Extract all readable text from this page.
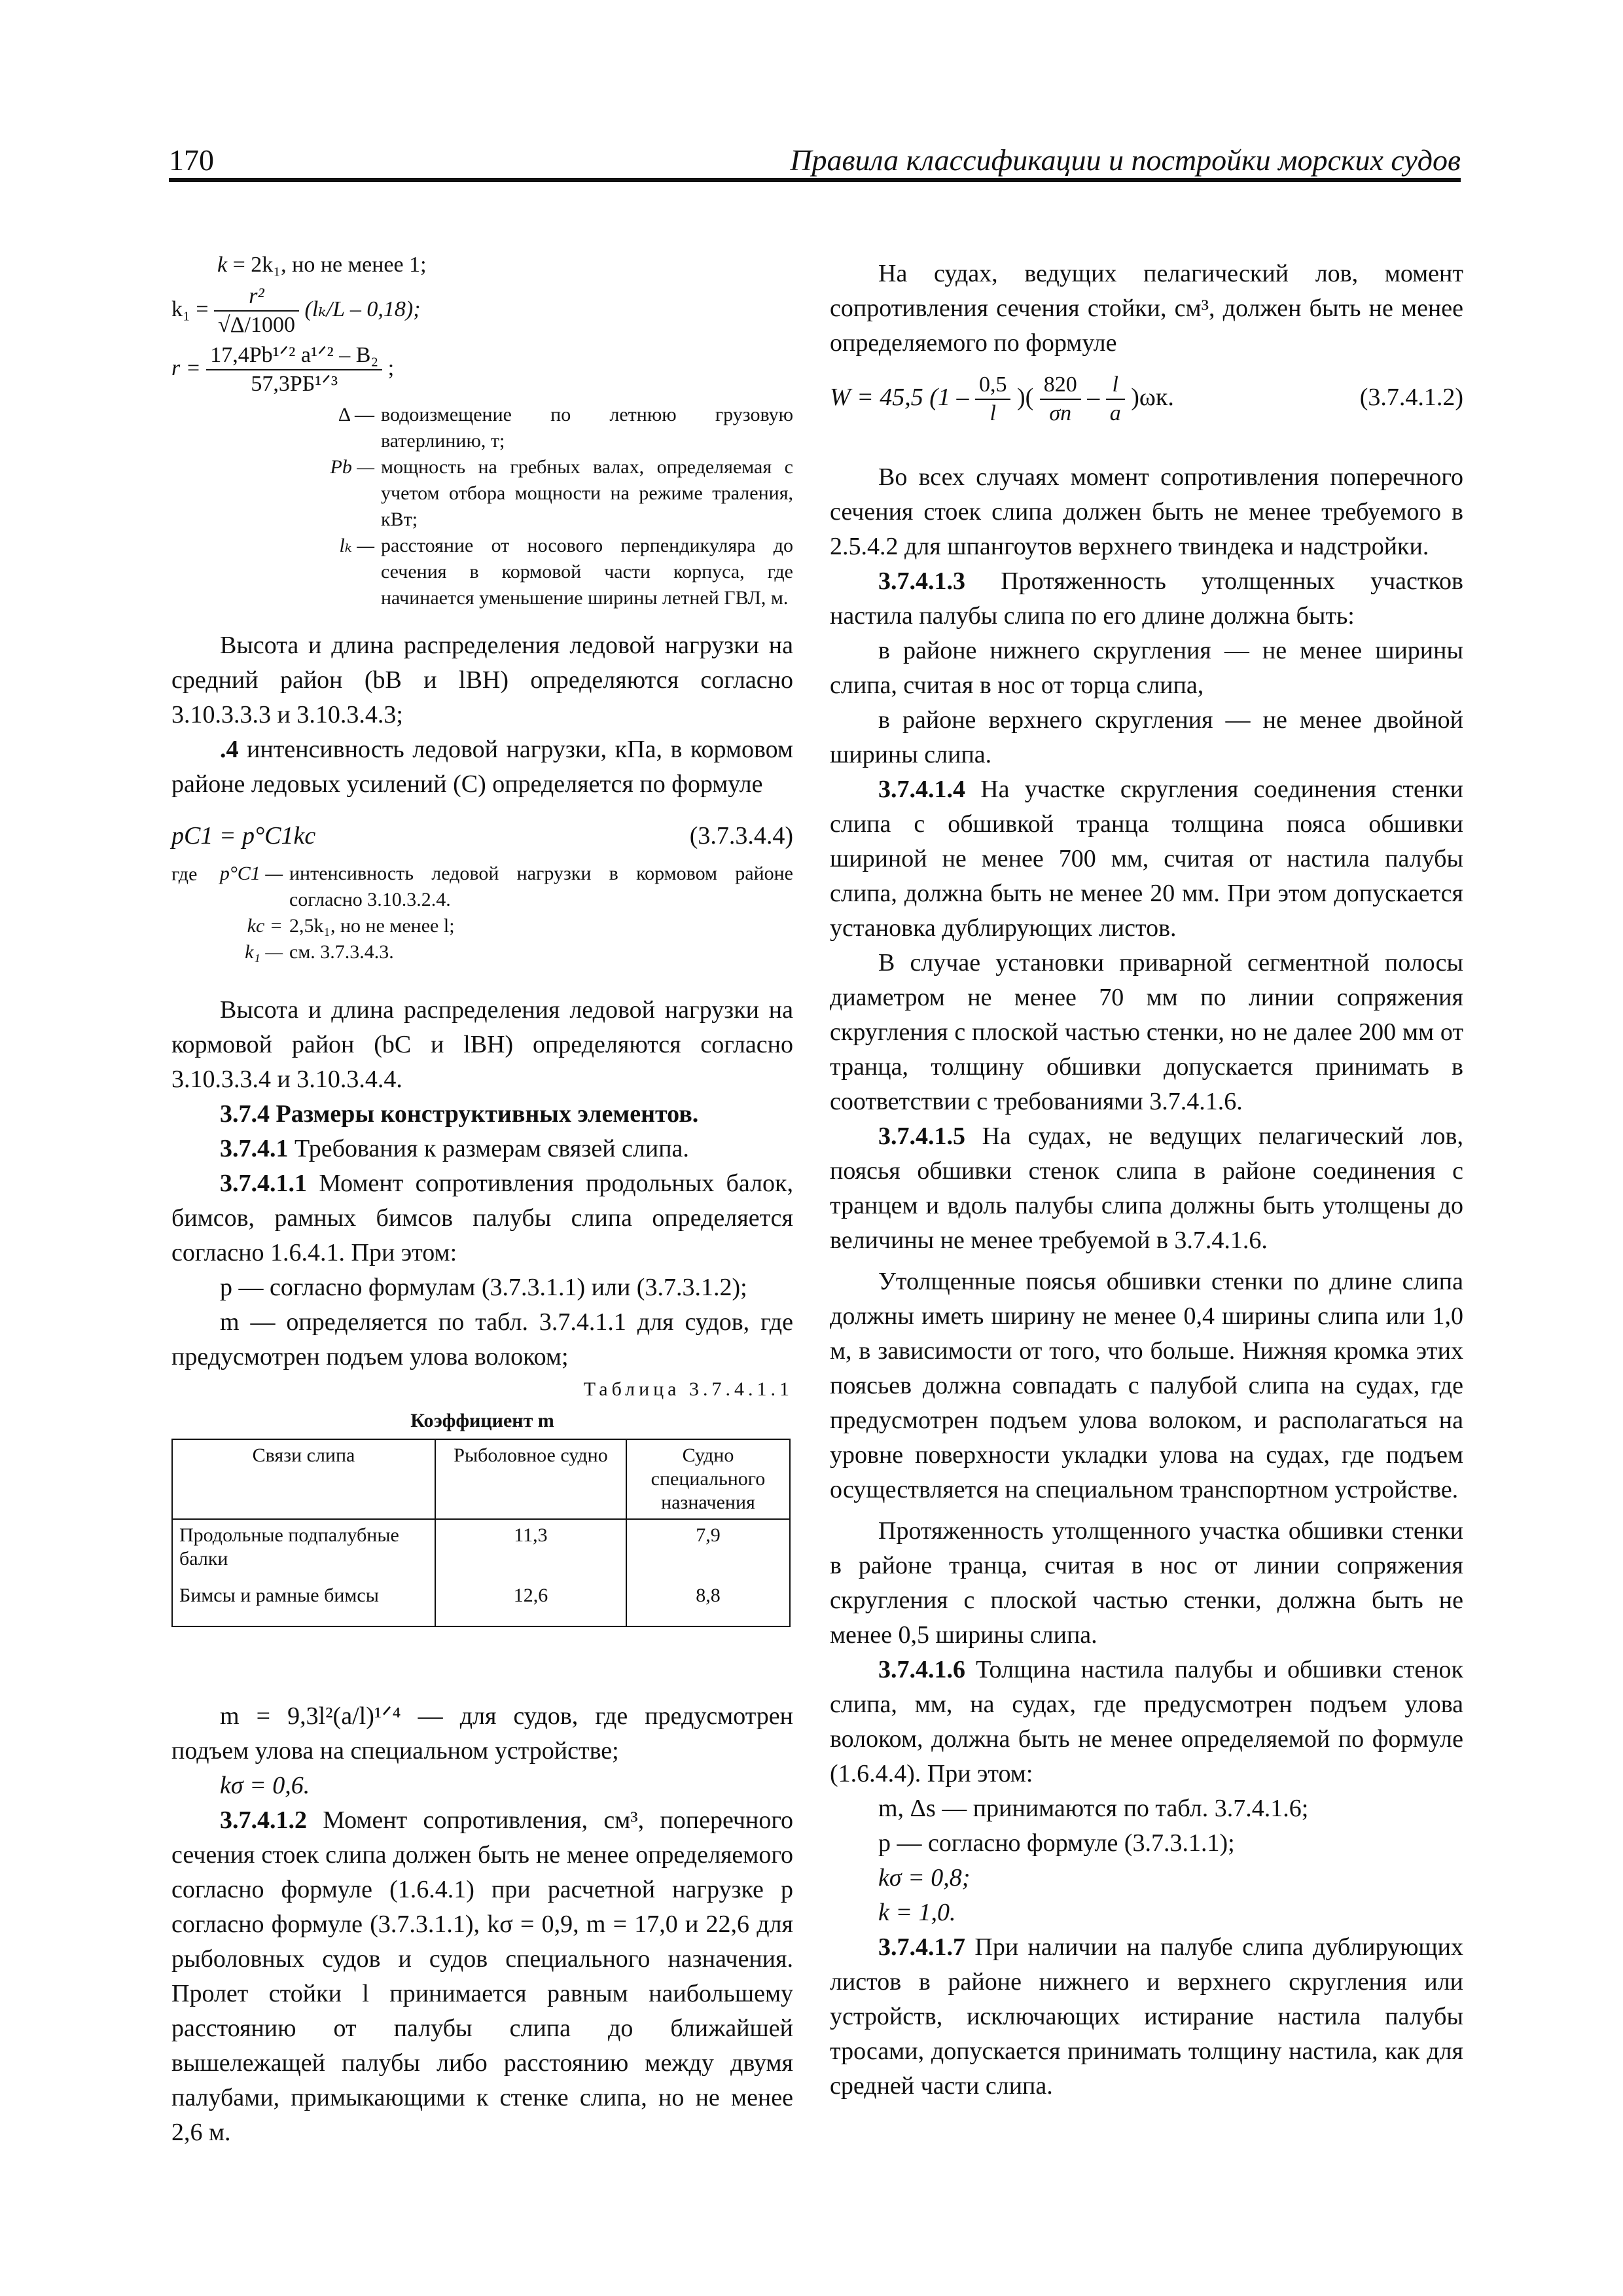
170	Правила классификации и постройки морских судов
k = 2k₁, но не менее 1;
$k_1 = \frac{\text{r²}}{√\Delta/1000} (l_k/L - 0,18)$;
$r = \frac{\text{17,4Pb¹ᐟ² a¹ᐟ² – B₂}}{\text{57,3PБ¹ᐟ³}}$ ;
Δ — водоизмещение по летнюю грузовую ватерлинию, т;
Pb — мощность на гребных валах, определяемая с учетом отбора мощности на режиме траления, кВт;
lₖ — расстояние от носового перпендикуляра до сечения в кормовой части корпуса, где начинается уменьшение ширины летней ГВЛ, м.

Высота и длина распределения ледовой нагрузки на средний район (bВ и lВН) определяются согласно 3.10.3.3.3 и 3.10.3.4.3;

.4 интенсивность ледовой нагрузки, кПа, в кормовом районе ледовых усилений (С) определяется по формуле

pC1 = p°C1kc	(3.7.3.4.4)
где	p°C1 — интенсивность ледовой нагрузки в кормовом районе согласно 3.10.3.2.4.
kc = 2,5k₁, но не менее l;
k₁ — см. 3.7.3.4.3.

Высота и длина распределения ледовой нагрузки на кормовой район (bC и lВН) определяются согласно 3.10.3.3.4 и 3.10.3.4.4.

3.7.4 Размеры конструктивных элементов.

3.7.4.1 Требования к размерам связей слипа.

3.7.4.1.1 Момент сопротивления продольных балок, бимсов, рамных бимсов палубы слипа определяется согласно 1.6.4.1. При этом:

p — согласно формулам (3.7.3.1.1) или (3.7.3.1.2);

m — определяется по табл. 3.7.4.1.1 для судов, где предусмотрен подъем улова волоком;

Таблица 3.7.4.1.1
Коэффициент m
Связи слипа	Рыболовное судно	Судно специального назначения
Продольные подпалубные балки	11,3	7,9
Бимсы и рамные бимсы	12,6	8,8

m = 9,3l²(a/l)¹ᐟ⁴ — для судов, где предусмотрен подъем улова на специальном устройстве;

kσ = 0,6.

3.7.4.1.2 Момент сопротивления, см³, поперечного сечения стоек слипа должен быть не менее определяемого согласно формуле (1.6.4.1) при расчетной нагрузке p согласно формуле (3.7.3.1.1), kσ = 0,9, m = 17,0 и 22,6 для рыболовных судов и судов специального назначения. Пролет стойки l принимается равным наибольшему расстоянию от палубы слипа до ближайшей вышележащей палубы либо расстоянию между двумя палубами, примыкающими к стенке слипа, но не менее 2,6 м.

На судах, ведущих пелагический лов, момент сопротивления сечения стойки, см³, должен быть не менее определяемого по формуле

W = 45,5 ($1 - \frac{0,5}{l}$ )( $\frac{820}{\sigma n} - \frac{l}{a} )\omega к$.	(3.7.4.1.2)

Во всех случаях момент сопротивления поперечного сечения стоек слипа должен быть не менее требуемого в 2.5.4.2 для шпангоутов верхнего твиндека и надстройки.

3.7.4.1.3 Протяженность утолщенных участков настила палубы слипа по его длине должна быть:

в районе нижнего скругления — не менее ширины слипа, считая в нос от торца слипа,

в районе верхнего скругления — не менее двойной ширины слипа.

3.7.4.1.4 На участке скругления соединения стенки слипа с обшивкой транца толщина пояса обшивки шириной не менее 700 мм, считая от настила палубы слипа, должна быть не менее 20 мм. При этом допускается установка дублирующих листов.

В случае установки приварной сегментной полосы диаметром не менее 70 мм по линии сопряжения скругления с плоской частью стенки, но не далее 200 мм от транца, толщину обшивки допускается принимать в соответствии с требованиями 3.7.4.1.6.

3.7.4.1.5 На судах, не ведущих пелагический лов, поясья обшивки стенок слипа в районе соединения с транцем и вдоль палубы слипа должны быть утолщены до величины не менее требуемой в 3.7.4.1.6.

Утолщенные поясья обшивки стенки по длине слипа должны иметь ширину не менее 0,4 ширины слипа или 1,0 м, в зависимости от того, что больше. Нижняя кромка этих поясьев должна совпадать с палубой слипа на судах, где предусмотрен подъем улова волоком, и располагаться на уровне поверхности укладки улова на судах, где подъем осуществляется на специальном транспортном устройстве.

Протяженность утолщенного участка обшивки стенки в районе транца, считая в нос от линии сопряжения скругления с плоской частью стенки, должна быть не менее 0,5 ширины слипа.

3.7.4.1.6 Толщина настила палубы и обшивки стенок слипа, мм, на судах, где предусмотрен подъем улова волоком, должна быть не менее определяемой по формуле (1.6.4.4). При этом:

m, Δs — принимаются по табл. 3.7.4.1.6;

p — согласно формуле (3.7.3.1.1);

kσ = 0,8;

k = 1,0.

3.7.4.1.7 При наличии на палубе слипа дублирующих листов в районе нижнего и верхнего скругления или устройств, исключающих истирание настила палубы тросами, допускается принимать толщину настила, как для средней части слипа.
